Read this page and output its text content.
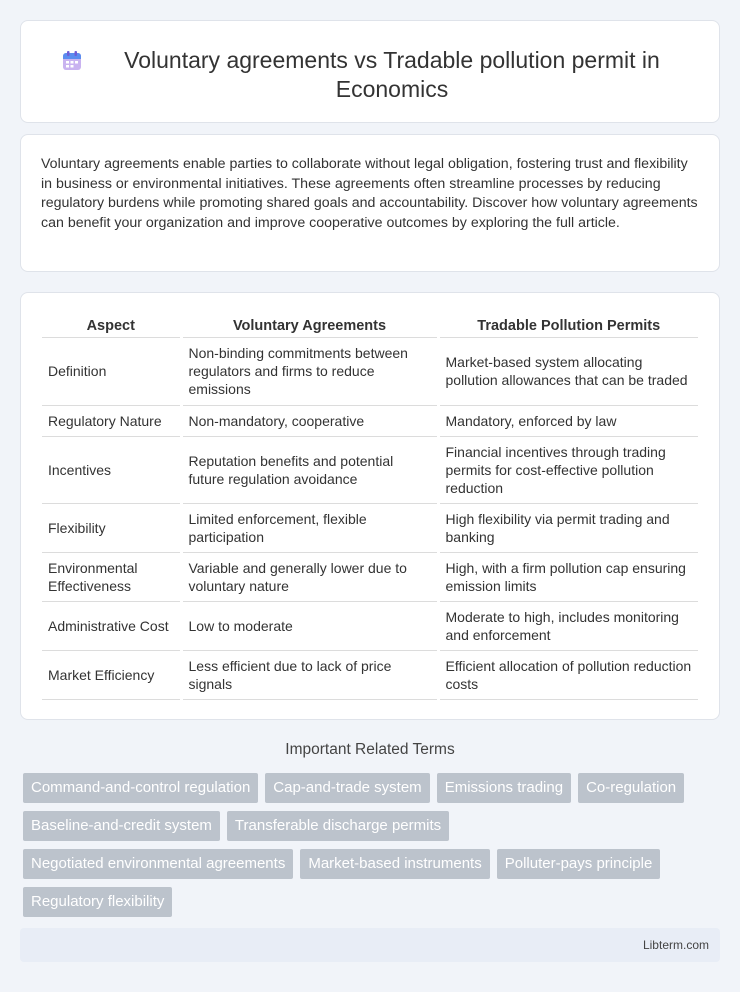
Voluntary agreements vs Tradable pollution permit in Economics

Voluntary agreements enable parties to collaborate without legal obligation, fostering trust and flexibility in business or environmental initiatives. These agreements often streamline processes by reducing regulatory burdens while promoting shared goals and accountability. Discover how voluntary agreements can benefit your organization and improve cooperative outcomes by exploring the full article.

Aspect	Voluntary Agreements	Tradable Pollution Permits
Definition	Non-binding commitments between regulators and firms to reduce emissions	Market-based system allocating pollution allowances that can be traded
Regulatory Nature	Non-mandatory, cooperative	Mandatory, enforced by law
Incentives	Reputation benefits and potential future regulation avoidance	Financial incentives through trading permits for cost-effective pollution reduction
Flexibility	Limited enforcement, flexible participation	High flexibility via permit trading and banking
Environmental Effectiveness	Variable and generally lower due to voluntary nature	High, with a firm pollution cap ensuring emission limits
Administrative Cost	Low to moderate	Moderate to high, includes monitoring and enforcement
Market Efficiency	Less efficient due to lack of price signals	Efficient allocation of pollution reduction costs
Important Related Terms
Command-and-control regulation	Cap-and-trade system	Emissions trading	Co-regulation
Baseline-and-credit system	Transferable discharge permits
Negotiated environmental agreements	Market-based instruments	Polluter-pays principle
Regulatory flexibility
Libterm.com
